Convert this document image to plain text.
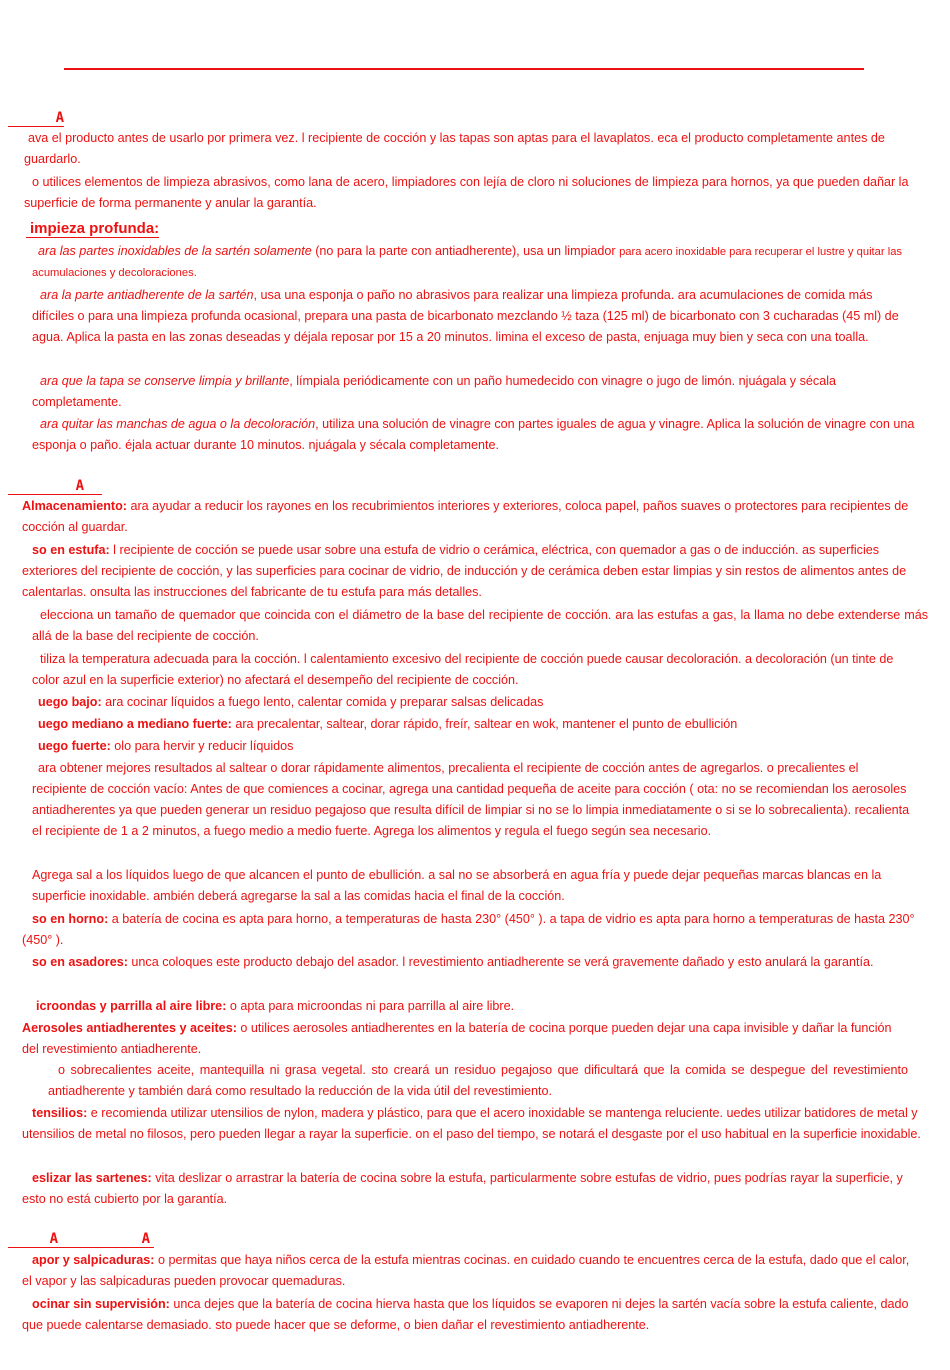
A
ava el producto antes de usarlo por primera vez. l recipiente de cocción y las tapas son aptas para el lavaplatos. eca el producto completamente antes de guardarlo.
o utilices elementos de limpieza abrasivos, como lana de acero, limpiadores con lejía de cloro ni soluciones de limpieza para hornos, ya que pueden dañar la superficie de forma permanente y anular la garantía.
impieza profunda:
ara las partes inoxidables de la sartén solamente (no para la parte con antiadherente), usa un limpiador para acero inoxidable para recuperar el lustre y quitar las acumulaciones y decoloraciones.
ara la parte antiadherente de la sartén, usa una esponja o paño no abrasivos para realizar una limpieza profunda. ara acumulaciones de comida más difíciles o para una limpieza profunda ocasional, prepara una pasta de bicarbonato mezclando ½ taza (125 ml) de bicarbonato con 3 cucharadas (45 ml) de agua. Aplica la pasta en las zonas deseadas y déjala reposar por 15 a 20 minutos. limina el exceso de pasta, enjuaga muy bien y seca con una toalla.
ara que la tapa se conserve limpia y brillante, límpiala periódicamente con un paño humedecido con vinagre o jugo de limón. njuágala y sécala completamente.
ara quitar las manchas de agua o la decoloración, utiliza una solución de vinagre con partes iguales de agua y vinagre. Aplica la solución de vinagre con una esponja o paño. éjala actuar durante 10 minutos. njuágala y sécala completamente.
A
Almacenamiento: ara ayudar a reducir los rayones en los recubrimientos interiores y exteriores, coloca papel, paños suaves o protectores para recipientes de cocción al guardar.
so en estufa: l recipiente de cocción se puede usar sobre una estufa de vidrio o cerámica, eléctrica, con quemador a gas o de inducción. as superficies exteriores del recipiente de cocción, y las superficies para cocinar de vidrio, de inducción y de cerámica deben estar limpias y sin restos de alimentos antes de calentarlas. onsulta las instrucciones del fabricante de tu estufa para más detalles.
elecciona un tamaño de quemador que coincida con el diámetro de la base del recipiente de cocción. ara las estufas a gas, la llama no debe extenderse más allá de la base del recipiente de cocción.
tiliza la temperatura adecuada para la cocción. l calentamiento excesivo del recipiente de cocción puede causar decoloración. a decoloración (un tinte de color azul en la superficie exterior) no afectará el desempeño del recipiente de cocción.
uego bajo: ara cocinar líquidos a fuego lento, calentar comida y preparar salsas delicadas
uego mediano a mediano fuerte: ara precalentar, saltear, dorar rápido, freír, saltear en wok, mantener el punto de ebullición
uego fuerte: olo para hervir y reducir líquidos
ara obtener mejores resultados al saltear o dorar rápidamente alimentos, precalienta el recipiente de cocción antes de agregarlos. o precalientes el recipiente de cocción vacío: Antes de que comiences a cocinar, agrega una cantidad pequeña de aceite para cocción ( ota: no se recomiendan los aerosoles antiadherentes ya que pueden generar un residuo pegajoso que resulta difícil de limpiar si no se lo limpia inmediatamente o si se lo sobrecalienta). recalienta el recipiente de 1 a 2 minutos, a fuego medio a medio fuerte. Agrega los alimentos y regula el fuego según sea necesario.
Agrega sal a los líquidos luego de que alcancen el punto de ebullición. a sal no se absorberá en agua fría y puede dejar pequeñas marcas blancas en la superficie inoxidable. ambién deberá agregarse la sal a las comidas hacia el final de la cocción.
so en horno: a batería de cocina es apta para horno, a temperaturas de hasta 230° (450° ). a tapa de vidrio es apta para horno a temperaturas de hasta 230° (450° ).
so en asadores: unca coloques este producto debajo del asador. l revestimiento antiadherente se verá gravemente dañado y esto anulará la garantía.
icroondas y parrilla al aire libre: o apta para microondas ni para parrilla al aire libre.
Aerosoles antiadherentes y aceites: o utilices aerosoles antiadherentes en la batería de cocina porque pueden dejar una capa invisible y dañar la función del revestimiento antiadherente.
o sobrecalientes aceite, mantequilla ni grasa vegetal. sto creará un residuo pegajoso que dificultará que la comida se despegue del revestimiento antiadherente y también dará como resultado la reducción de la vida útil del revestimiento.
tensilios: e recomienda utilizar utensilios de nylon, madera y plástico, para que el acero inoxidable se mantenga reluciente. uedes utilizar batidores de metal y utensilios de metal no filosos, pero pueden llegar a rayar la superficie. on el paso del tiempo, se notará el desgaste por el uso habitual en la superficie inoxidable.
eslizar las sartenes: vita deslizar o arrastrar la batería de cocina sobre la estufa, particularmente sobre estufas de vidrio, pues podrías rayar la superficie, y esto no está cubierto por la garantía.
A	A
apor y salpicaduras: o permitas que haya niños cerca de la estufa mientras cocinas. en cuidado cuando te encuentres cerca de la estufa, dado que el calor, el vapor y las salpicaduras pueden provocar quemaduras.
ocinar sin supervisión: unca dejes que la batería de cocina hierva hasta que los líquidos se evaporen ni dejes la sartén vacía sobre la estufa caliente, dado que puede calentarse demasiado. sto puede hacer que se deforme, o bien dañar el revestimiento antiadherente.
